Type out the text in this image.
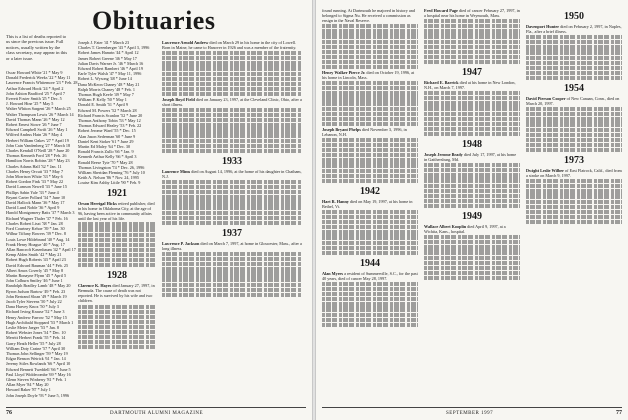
Obituaries
This is a list of deaths reported to us since the previous issue. Full notices, usually written by the class secretary, may appear in this or a later issue.
Oscar Howard White '21 * May 9
Donald Frederick Weeks '22 * May 11
Laurence Francis Whitemore '23 * Feb. 28
Arthur Edward Hook '24 * April 2
John Ashton Bradford '25 * April 7
Everett Foster Smith '25 * Dec. 5
J. Howard Hine '25 * May 5
Walter Whiton Sargent '26 * March 25
Walter Thompson Lewis '26 * March 14
David Thomas Mann '26 * May 12
Robert Ernest Stowe '26 * June 7
Edward Campbell Swift '26 * May 1
Wilfred Andrus Hain '26 * May 4
Herbert William Oakes '27 * April 19
John Cain Vandenberg '27 * March 18
Charles Kendall O'Neill '28 * June 20
Thomas Kenneth Ford '28 * Feb. 26
Hamilton Norris Robins '28 * May 23
Charles Adams Hall '32 * Jan. 11
Charles Henry Orcutt '33 * May 7
John Morrison White '33 * May 6
Robert Gordon Fink '33 * May 22
David Lamson Newell '33 * June 15
Phillips Sabin Yale '33 * June 4
Bryant Carter Pollard '34 * June 10
David Hallock Mann '36 * May 17
David Lund Noble '36 * April 9
Harold Montgomery Batts '37 * March 3
Richard Wagner Thaler '37 * Feb. 16
Charles Robert Liszt '38 * Jan. 28
Ford Courtney Kehoe '39 * Jan. 30
Wilbur Tiffany Bowers '39 * Dec. 8
Louis Lowe Hildebrand '40 * Aug. 14
Frank Henry Hoague '40 * Aug. 17
Allan Bancroft Kasenbaum '42 * April 17
Kemp Alden Smith '42 * May 21
Robert Hugh Roberts '43 * April 23
David Edward Bauman '44 * Feb. 25
Albert Amos Coverly '45 * May 8
Martin Ronayne Flynn '45 * April 5
John Colburn Smiley '46 * June 1
Randolph Bradley Lamb '48 * May 20
Byron Judson Bartow '49 * Feb. 23
John Bertrand Sloan '49 * March 19
Jacob Tyler Stevens '50 * July 22
Dana Harvey Knox '50 * July 3
Richard Irving Krause '52 * June 3
Henry Andrew Farrow '52 * May 15
Hugh Archibald Stoppard '53 * March 1
Leslie Meier Jaeger '53 * Jan. 8
Robert Webster Jones '54 * Dec. 10
Merritt Herbert Frank '55 * Feb. 14
Garry Heath Heller '55 * July 28
William Doty Craine '57 * April 30
Thomas John Sellinger '59 * May 19
Edgar Benson Weirick '61 * Jan. 14
Jeremy Stiles Rowlands '66 * April 10
Edward Bennett Tweddell '66 * June 5
Paul Lloyd Widdecombe '69 * May 16
Glenn Steven Winberry '81 * Feb. 1
Allan Myer '84 * May 20
Howard Baker '87 * July 1
John Joseph Doyle '93 * June 5, 1996
Joseph J. Fater '41 * March 23
Charles T. Greenberger '43 * April 3, 1996
Robert James Hamrin '44 * April 12
James Robert Greene '46 * May 17
Julian Davis Warner Jr. '46 * March 16
Edward Robert Rambert '46 * April 19
Earle Tyler Walsh '47 * May 11, 1996
Robert L. Wysong '48 * June 14
Dana McKeon Chaney '48 * May 21
Ralph Morris Chaney '48 * Feb. 1
Thomas Hugh Keefe '49 * May 7
William P. Kelly '50 * May 1
Donald E. Smith '51 * April 9
Edward M. Powers '52 * March 28
Richard Francis Scanlon '52 * June 20
Thomas Anthony Tobin '53 * May 12
Thomas Edward Healey '53 * Feb. 22
Robert Jerome Ward '55 * Dec. 15
Alan Jason Sederman '60 * June 9
Daniel Kent Stoker '61 * June 29
Martin Ed Maley '64 * Dec. 30
Ronald Francis Zullo '66 * Jan. 9
Kenneth Arthur Kelly '66 * April 3
Ronald Reese Tyte '70 * May 28
Thomas Livingston '74 * Dec. 26, 1996
William Sheridan Fleming '76 * July 10
Keith A. Nelson '86 * Nov. 24, 1995
Louise Kim Ashby Little '90 * Feb. 9
1921

Orson Herrigal Hicks retired publisher, died in his home in Oklahoma City, at the age of 96, having been active in community affairs until the last year of his life.

1928

Clarence K. Hayes died January 27, 1997, in Bermuda. The cause of death was not reported. He is survived by his wife and two children.

Lawrence Arnold Andrew died on March 29 in his home in the city of Lowell. Born in Maine, he came to Hanover in 1926 and was a member of the fraternity.

Joseph Boyd Field died on January 23, 1997, at the Cleveland Clinic, Ohio, after a short illness.

1933

Laurence Mims died on August 14, 1996, at the home of his daughter in Chatham, N.J.

1937

Lawrence P. Jackson died on March 7, 1997, at home in Gloucester, Mass., after a long illness.

76	DARTMOUTH ALUMNI MAGAZINE

found running. At Dartmouth he majored in history and belonged to Sigma Nu. He received a commission as ensign in the Naval Reserve.

Henry Walker Pierce Jr. died on October 19, 1996, at his home in Lincoln, Mass.

Joseph Bryant Phelps died November 3, 1996, in Lebanon, N.H.

1942

Hart R. Hanny died on May 19, 1997, at his home in Bethel, Vt.

1944

Alan Myers a resident of Summerville, S.C., for the past 40 years, died of cancer May 28, 1997.

Fred Howard Page died of cancer February 27, 1997, in a hospital near his home in Weymouth, Mass.

1947

Richard E. Barrick died at his home in New London, N.H., on March 7, 1997.

1948

Joseph Jerome Brady died July 17, 1997, at his home in Gaithersburg, Md.

1949

Wallace Albert Kooplin died April 9, 1997, at a Wichita, Kans., hospital.

1950

Davenport Hunter died on February 2, 1997, in Naples, Fla., after a brief illness.

1954

David Pierson Cooper of New Canaan, Conn., died on March 20, 1997.

1973

Dwight Leslie Wilber of East Flatrock, Calif., died from a stroke on March 9, 1997.

SEPTEMBER 1997	77
